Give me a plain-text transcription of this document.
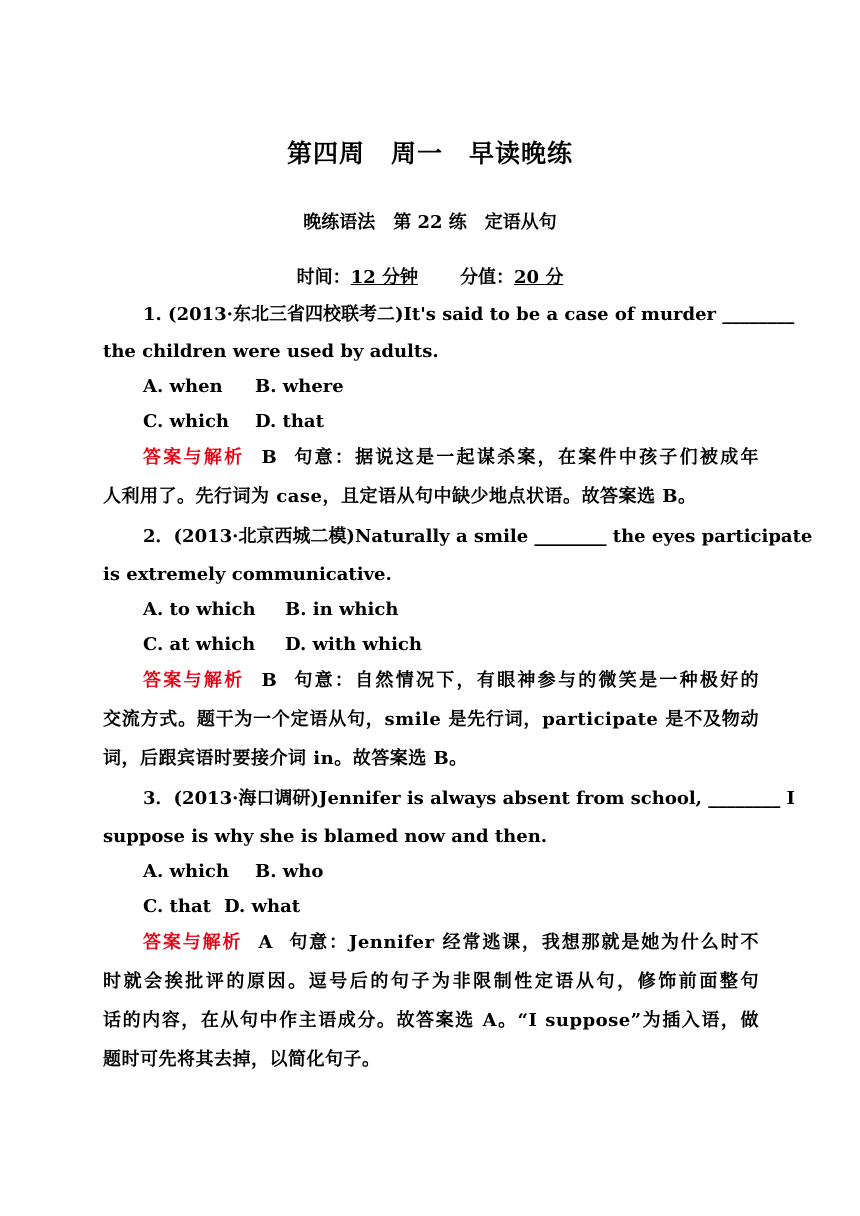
第四周　周一　早读晚练
晚练语法　第 22 练　定语从句
时间：12 分钟 分值：20 分
1. (2013·东北三省四校联考二)It's said to be a case of murder ________
the children were used by adults.
A. when B. where
C. which D. that
答案与解析 B 句意：据说这是一起谋杀案，在案件中孩子们被成年
人利用了。先行词为 case，且定语从句中缺少地点状语。故答案选 B。
2．(2013·北京西城二模)Naturally a smile ________ the eyes participate
is extremely communicative.
A. to which B. in which
C. at which D. with which
答案与解析 B 句意：自然情况下，有眼神参与的微笑是一种极好的
交流方式。题干为一个定语从句，smile 是先行词，participate 是不及物动
词，后跟宾语时要接介词 in。故答案选 B。
3．(2013·海口调研)Jennifer is always absent from school, ________ I
suppose is why she is blamed now and then.
A. which B. who
C. that D. what
答案与解析 A 句意：Jennifer 经常逃课，我想那就是她为什么时不
时就会挨批评的原因。逗号后的句子为非限制性定语从句，修饰前面整句
话的内容，在从句中作主语成分。故答案选 A。“I suppose”为插入语，做
题时可先将其去掉，以简化句子。
